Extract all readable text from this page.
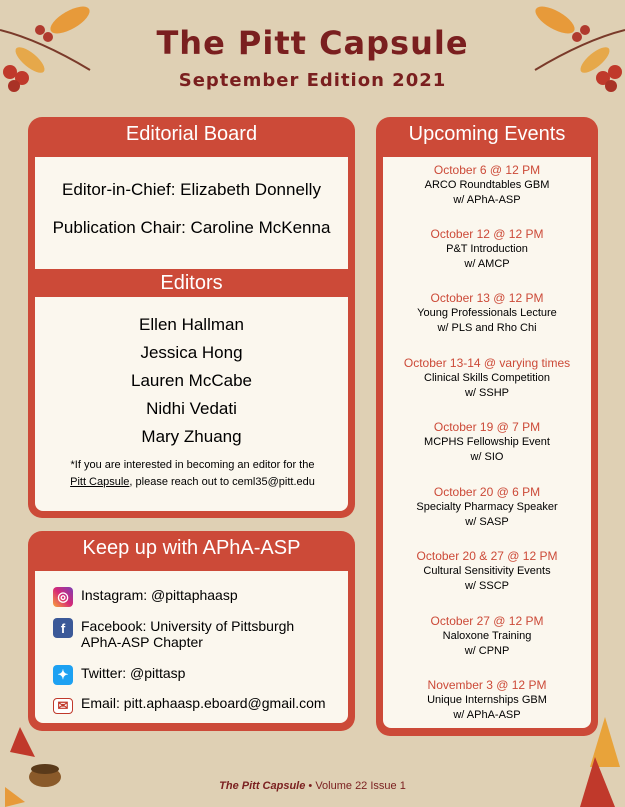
The Pitt Capsule
September Edition 2021
Editorial Board
Editor-in-Chief: Elizabeth Donnelly
Publication Chair: Caroline McKenna
Editors
Ellen Hallman
Jessica Hong
Lauren McCabe
Nidhi Vedati
Mary Zhuang
*If you are interested in becoming an editor for the
Pitt Capsule, please reach out to ceml35@pitt.edu
Keep up with APhA-ASP
◎ Instagram: @pittaphaasp
f	Facebook: University of Pittsburgh APhA-ASP Chapter
✦ Twitter: @pittasp
✉ Email: pitt.aphaasp.eboard@gmail.com
Upcoming Events
October 6 @ 12 PM
ARCO Roundtables GBM
w/ APhA-ASP
October 12 @ 12 PM
P&T Introduction
w/ AMCP
October 13 @ 12 PM
Young Professionals Lecture
w/ PLS and Rho Chi
October 13-14 @ varying times
Clinical Skills Competition
w/ SSHP
October 19 @ 7 PM
MCPHS Fellowship Event
w/ SIO
October 20 @ 6 PM
Specialty Pharmacy Speaker
w/ SASP
October 20 & 27 @ 12 PM
Cultural Sensitivity Events
w/ SSCP
October 27 @ 12 PM
Naloxone Training
w/ CPNP
November 3 @ 12 PM
Unique Internships GBM
w/ APhA-ASP
The Pitt Capsule • Volume 22 Issue 1
